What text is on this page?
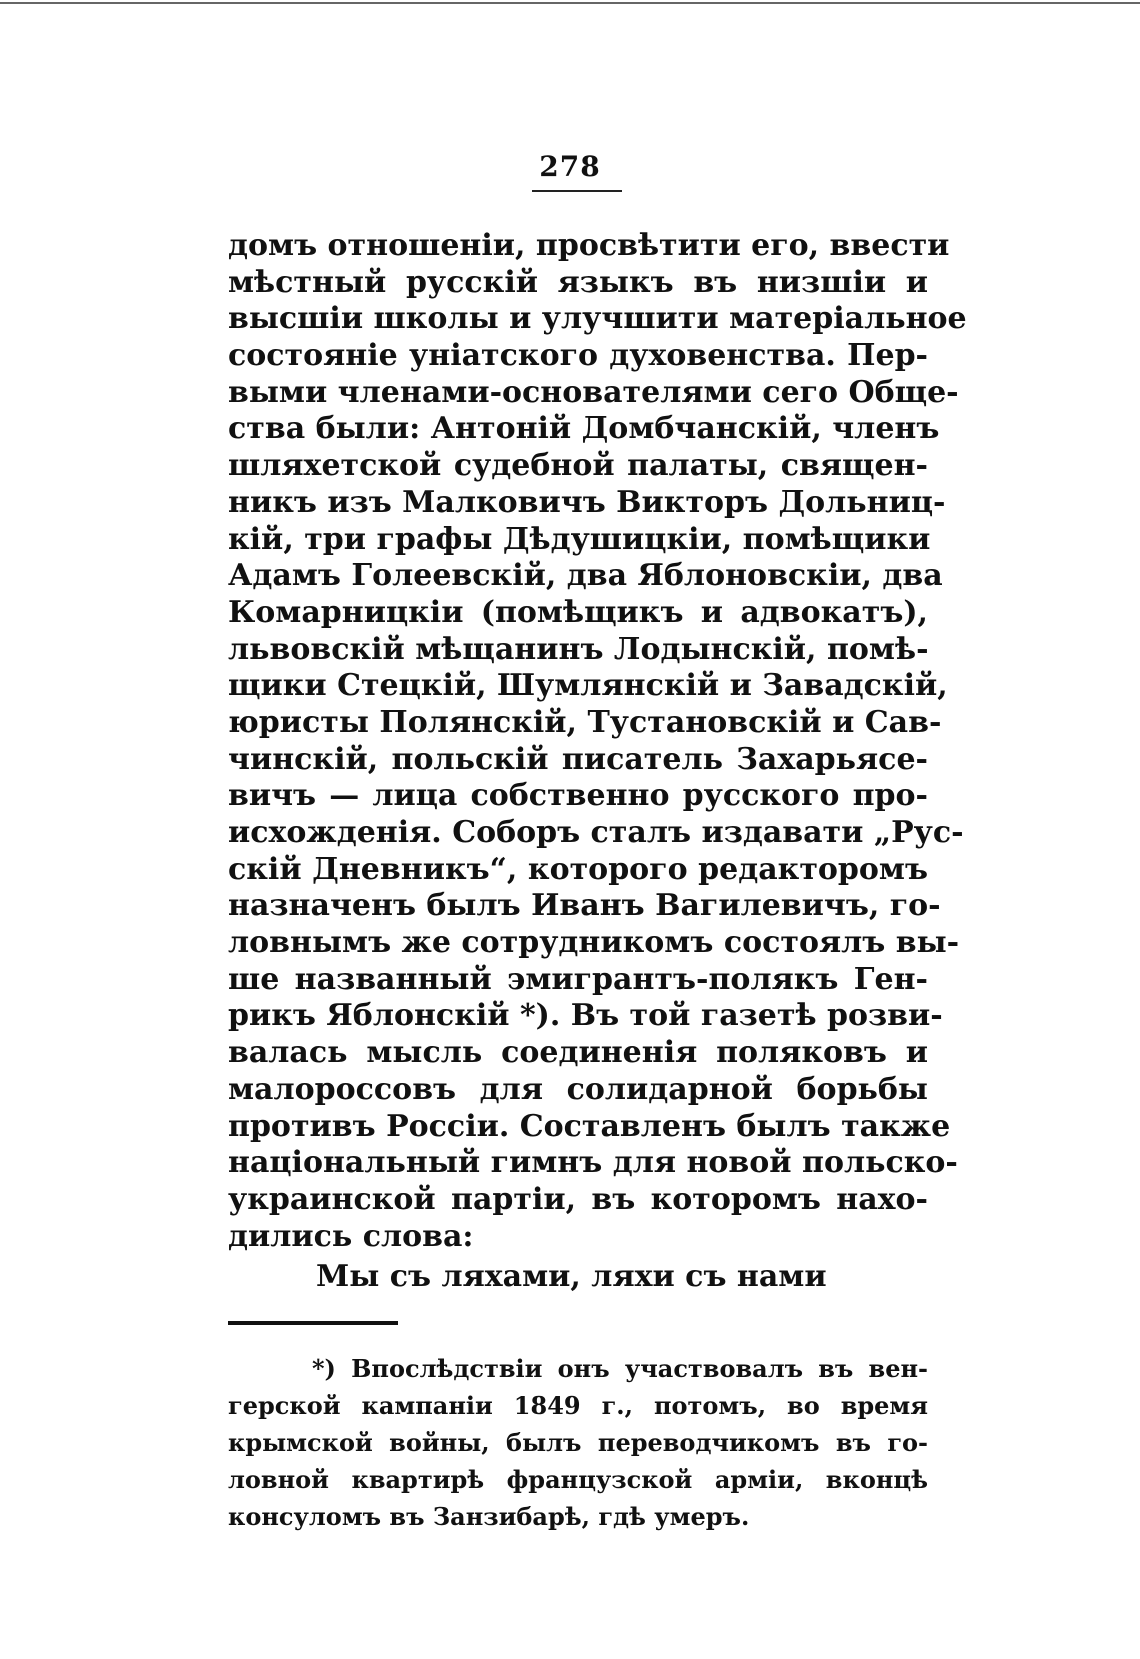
278
домъ отношеніи, просвѣтити его, ввести
мѣстный русскій языкъ въ низшіи и
высшіи школы и улучшити матеріальное
состояніе уніатского духовенства. Пер-
выми членами-основателями сего Обще-
ства были: Антоній Домбчанскій, членъ
шляхетской судебной палаты, священ-
никъ изъ Малковичъ Викторъ Дольниц-
кій, три графы Дѣдушицкіи, помѣщики
Адамъ Голеевскій, два Яблоновскіи, два
Комарницкіи (помѣщикъ и адвокатъ),
львовскій мѣщанинъ Лодынскій, помѣ-
щики Стецкій, Шумлянскій и Завадскій,
юристы Полянскій, Тустановскій и Сав-
чинскій, польскій писатель Захарьясе-
вичъ — лица собственно русского про-
исхожденія. Соборъ сталъ издавати „Рус-
скій Дневникъ“, которого редакторомъ
назначенъ былъ Иванъ Вагилевичъ, го-
ловнымъ же сотрудникомъ состоялъ вы-
ше названный эмигрантъ-полякъ Ген-
рикъ Яблонскій *). Въ той газетѣ розви-
валась мысль соединенія поляковъ и
малороссовъ для солидарной борьбы
противъ Россіи. Составленъ былъ также
національный гимнъ для новой польско-
украинской партіи, въ которомъ нахо-
дились слова:
Мы съ ляхами, ляхи съ нами
*) Впослѣдствіи онъ участвовалъ въ вен-
герской кампаніи 1849 г., потомъ, во время
крымской войны, былъ переводчикомъ въ го-
ловной квартирѣ французской арміи, вконцѣ
консуломъ въ Занзибарѣ, гдѣ умеръ.
